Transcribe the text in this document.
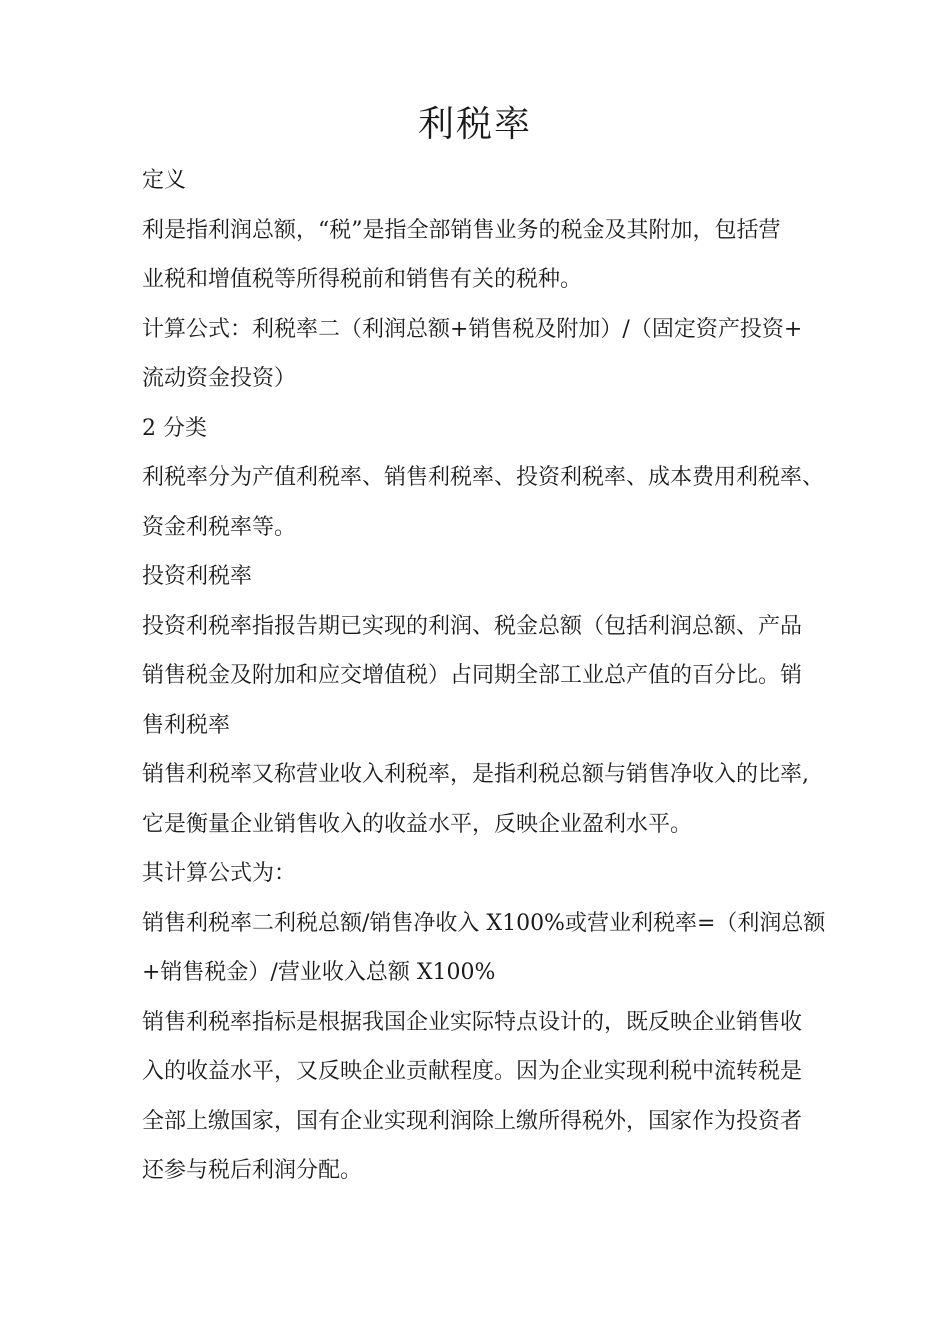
利税率

定义

利是指利润总额，“税”是指全部销售业务的税金及其附加，包括营

业税和增值税等所得税前和销售有关的税种。

计算公式：利税率二（利润总额+销售税及附加）/（固定资产投资+

流动资金投资）

2 分类

利税率分为产值利税率、销售利税率、投资利税率、成本费用利税率、

资金利税率等。

投资利税率

投资利税率指报告期已实现的利润、税金总额（包括利润总额、产品

销售税金及附加和应交增值税）占同期全部工业总产值的百分比。销

售利税率

销售利税率又称营业收入利税率，是指利税总额与销售净收入的比率,

它是衡量企业销售收入的收益水平，反映企业盈利水平。

其计算公式为：

销售利税率二利税总额/销售净收入 X100%或营业利税率=（利润总额

+销售税金）/营业收入总额 X100%

销售利税率指标是根据我国企业实际特点设计的，既反映企业销售收

入的收益水平，又反映企业贡献程度。因为企业实现利税中流转税是

全部上缴国家，国有企业实现利润除上缴所得税外，国家作为投资者

还参与税后利润分配。
